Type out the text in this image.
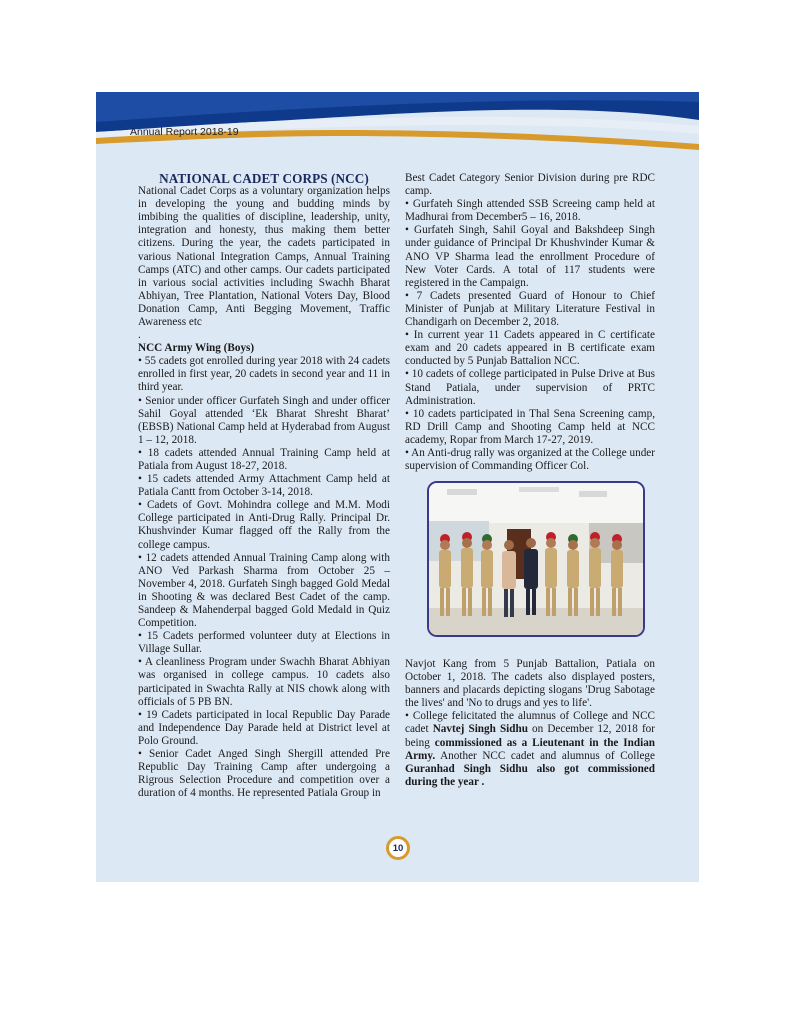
Annual Report 2018-19

NATIONAL CADET CORPS (NCC)

National Cadet Corps as a voluntary organization helps in developing the young and budding minds by imbibing the qualities of discipline, leadership, unity, integration and honesty, thus making them better citizens. During the year, the cadets participated in various National Integration Camps, Annual Training Camps (ATC) and other camps. Our cadets participated in various social activities including Swachh Bharat Abhiyan, Tree Plantation, National Voters Day, Blood Donation Camp, Anti Begging Movement, Traffic Awareness etc

.

NCC Army Wing (Boys)

• 55 cadets got enrolled during year 2018 with 24 cadets enrolled in first year, 20 cadets in second year and 11 in third year.

• Senior under officer Gurfateh Singh and under officer Sahil Goyal attended ‘Ek Bharat Shresht Bharat’ (EBSB) National Camp held at Hyderabad from August 1 – 12, 2018.

• 18 cadets attended Annual Training Camp held at Patiala from August 18-27, 2018.

• 15 cadets attended Army Attachment Camp held at Patiala Cantt from October 3-14, 2018.

• Cadets of Govt. Mohindra college and M.M. Modi College participated in Anti-Drug Rally. Principal Dr. Khushvinder Kumar flagged off the Rally from the college campus.

• 12 cadets attended Annual Training Camp along with ANO Ved Parkash Sharma from October 25 – November 4, 2018. Gurfateh Singh bagged Gold Medal in Shooting & was declared Best Cadet of the camp. Sandeep & Mahenderpal bagged Gold Medald in Quiz Competition.

• 15 Cadets performed volunteer duty at Elections in Village Sullar.

• A cleanliness Program under Swachh Bharat Abhiyan was organised in college campus. 10 cadets also participated in Swachta Rally at NIS chowk along with officials of 5 PB BN.

• 19 Cadets participated in local Republic Day Parade and Independence Day Parade held at District level at Polo Ground.

• Senior Cadet Anged Singh Shergill attended Pre Republic Day Training Camp after undergoing a Rigrous Selection Procedure and competition over a duration of 4 months. He represented Patiala Group in

Best Cadet Category Senior Division during pre RDC camp.

• Gurfateh Singh attended SSB Screeing camp held at Madhurai from December5 – 16, 2018.

• Gurfateh Singh, Sahil Goyal and Bakshdeep Singh under guidance of Principal Dr Khushvinder Kumar & ANO VP Sharma lead the enrollment Procedure of New Voter Cards. A total of 117 students were registered in the Campaign.

• 7 Cadets presented Guard of Honour to Chief Minister of Punjab at Military Literature Festival in Chandigarh on December 2, 2018.

• In current year 11 Cadets appeared in C certificate exam and 20 cadets appeared in B certificate exam conducted by 5 Punjab Battalion NCC.

• 10 cadets of college participated in Pulse Drive at Bus Stand Patiala, under supervision of PRTC Administration.

• 10 cadets participated in Thal Sena Screening camp, RD Drill Camp and Shooting Camp held at NCC academy, Ropar from March 17-27, 2019.

• An Anti-drug rally was organized at the College under supervision of Commanding Officer Col.

Navjot Kang from 5 Punjab Battalion, Patiala on October 1, 2018. The cadets also displayed posters, banners and placards depicting slogans 'Drug Sabotage the lives' and 'No to drugs and yes to life'.

• College felicitated the alumnus of College and NCC cadet Navtej Singh Sidhu on December 12, 2018 for being commissioned as a Lieutenant in the Indian Army. Another NCC cadet and alumnus of College Guranhad Singh Sidhu also got commissioned during the year .

10
